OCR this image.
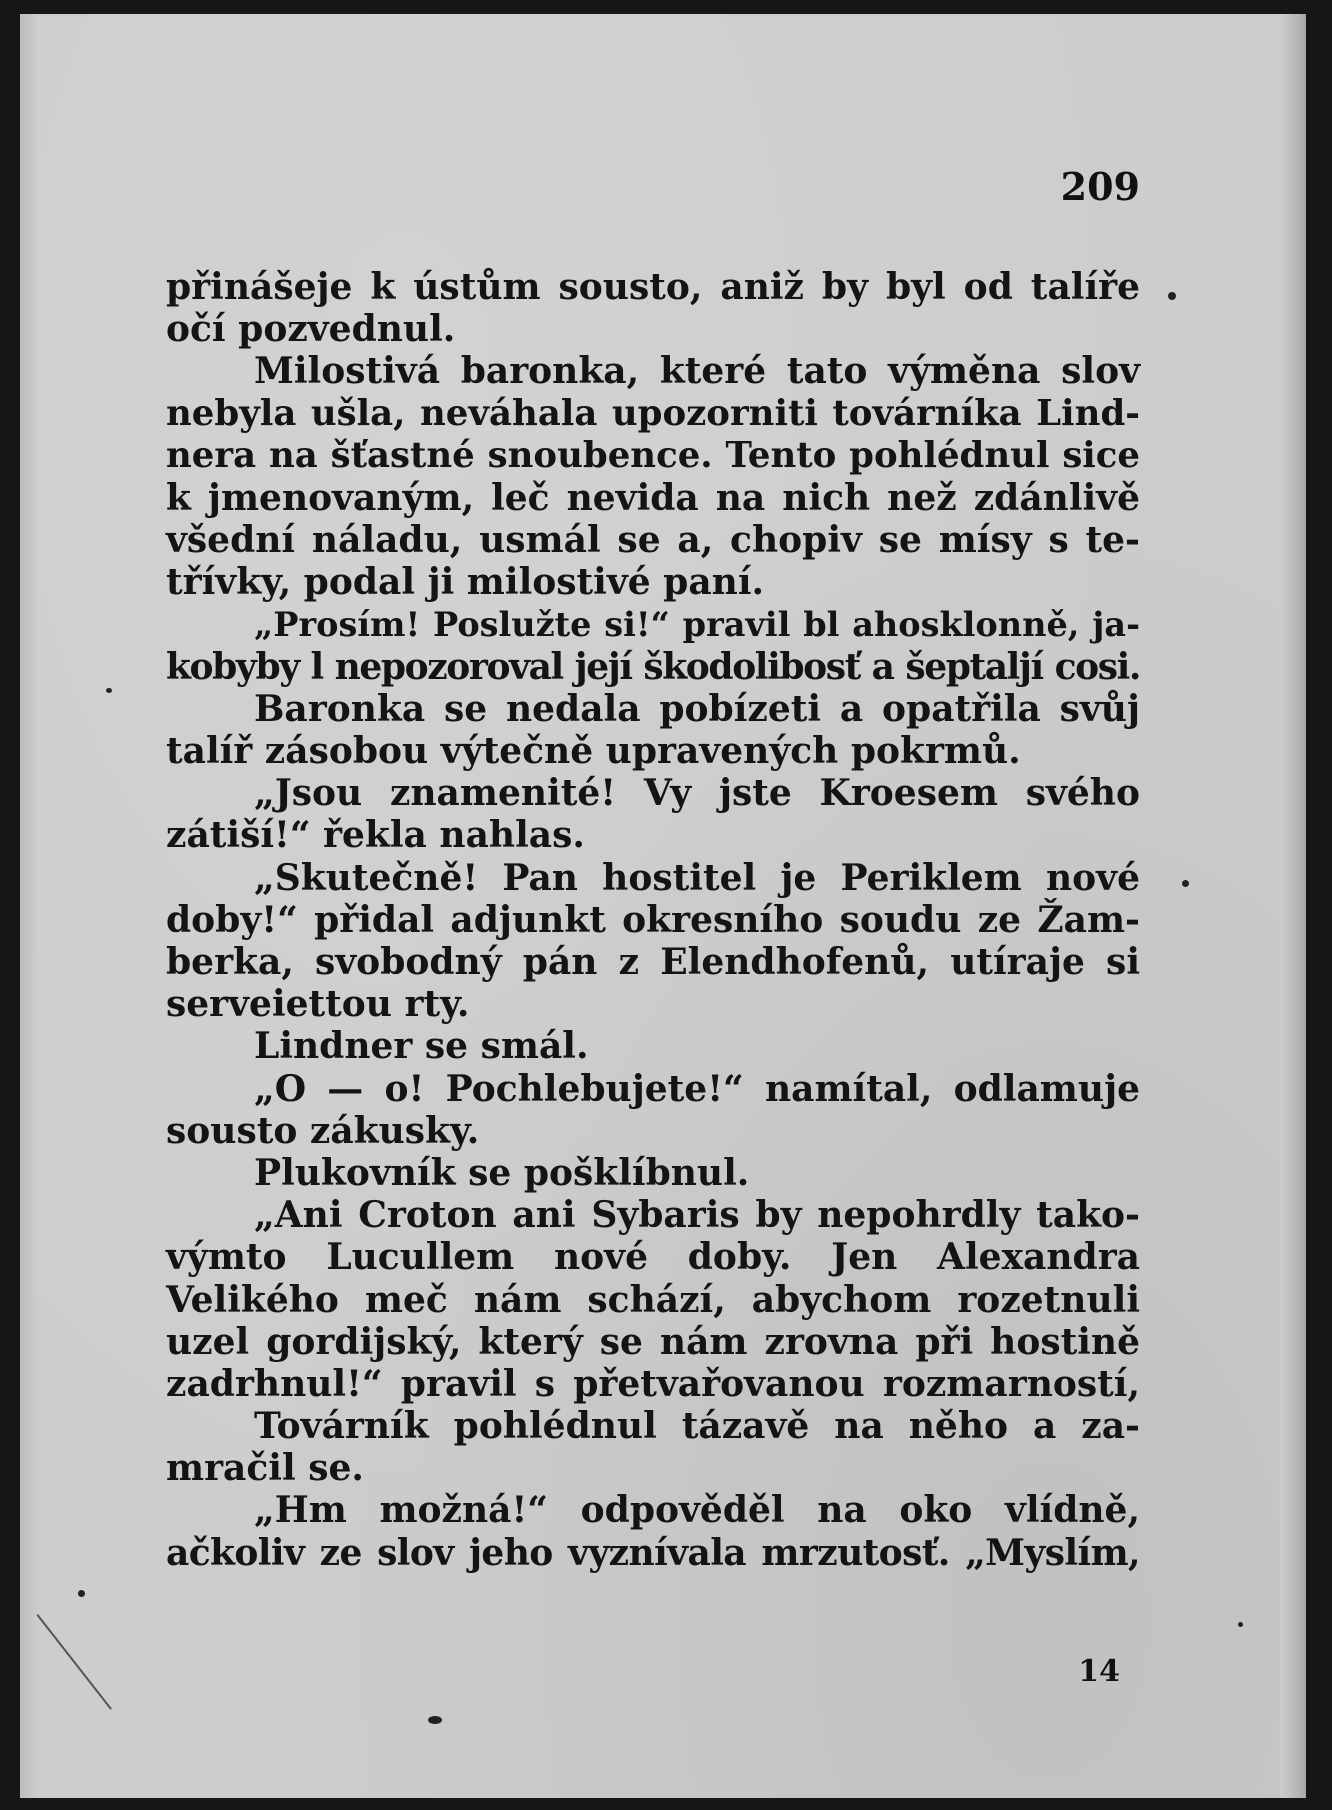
209

přinášeje k ústům sousto, aniž by byl od talíře
očí pozvednul.
Milostivá baronka, které tato výměna slov
nebyla ušla, neváhala upozorniti továrníka Lind-
nera na šťastné snoubence. Tento pohlédnul sice
k jmenovaným, leč nevida na nich než zdánlivě
všední náladu, usmál se a, chopiv se mísy s te-
třívky, podal ji milostivé paní.
„Prosím! Poslužte si!“ pravil bl ahosklonně, ja-
kobyby l nepozoroval její škodolibosť a šeptaljí cosi.
Baronka se nedala pobízeti a opatřila svůj
talíř zásobou výtečně upravených pokrmů.
„Jsou znamenité! Vy jste Kroesem svého
zátiší!“ řekla nahlas.
„Skutečně! Pan hostitel je Periklem nové
doby!“ přidal adjunkt okresního soudu ze Žam-
berka, svobodný pán z Elendhofenů, utíraje si
serveiettou rty.
Lindner se smál.
„O — o! Pochlebujete!“ namítal, odlamuje
sousto zákusky.
Plukovník se pošklíbnul.
„Ani Croton ani Sybaris by nepohrdly tako-
výmto Lucullem nové doby. Jen Alexandra
Velikého meč nám schází, abychom rozetnuli
uzel gordijský, který se nám zrovna při hostině
zadrhnul!“ pravil s přetvařovanou rozmarností,
Továrník pohlédnul tázavě na něho a za-
mračil se.
„Hm možná!“ odpověděl na oko vlídně,
ačkoliv ze slov jeho vyznívala mrzutosť. „Myslím,

14
